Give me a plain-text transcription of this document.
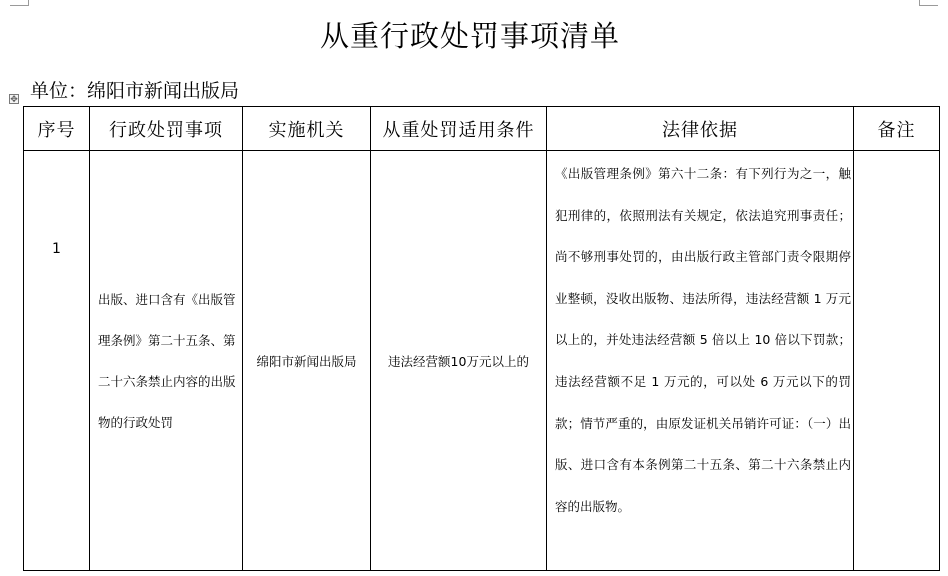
从重行政处罚事项清单
单位：绵阳市新闻出版局
✥
序号	行政处罚事项	实施机关	从重处罚适用条件	法律依据	备注

1	出版、进口含有《出版管理条例》第二十五条、第二十六条禁止内容的出版物的行政处罚	绵阳市新闻出版局	违法经营额10万元以上的	《出版管理条例》第六十二条：有下列行为之一，触犯刑律的，依照刑法有关规定，依法追究刑事责任；尚不够刑事处罚的，由出版行政主管部门责令限期停业整顿，没收出版物、违法所得，违法经营额 1 万元以上的，并处违法经营额 5 倍以上 10 倍以下罚款；违法经营额不足 1 万元的，可以处 6 万元以下的罚款；情节严重的，由原发证机关吊销许可证：（一）出版、进口含有本条例第二十五条、第二十六条禁止内容的出版物。	
